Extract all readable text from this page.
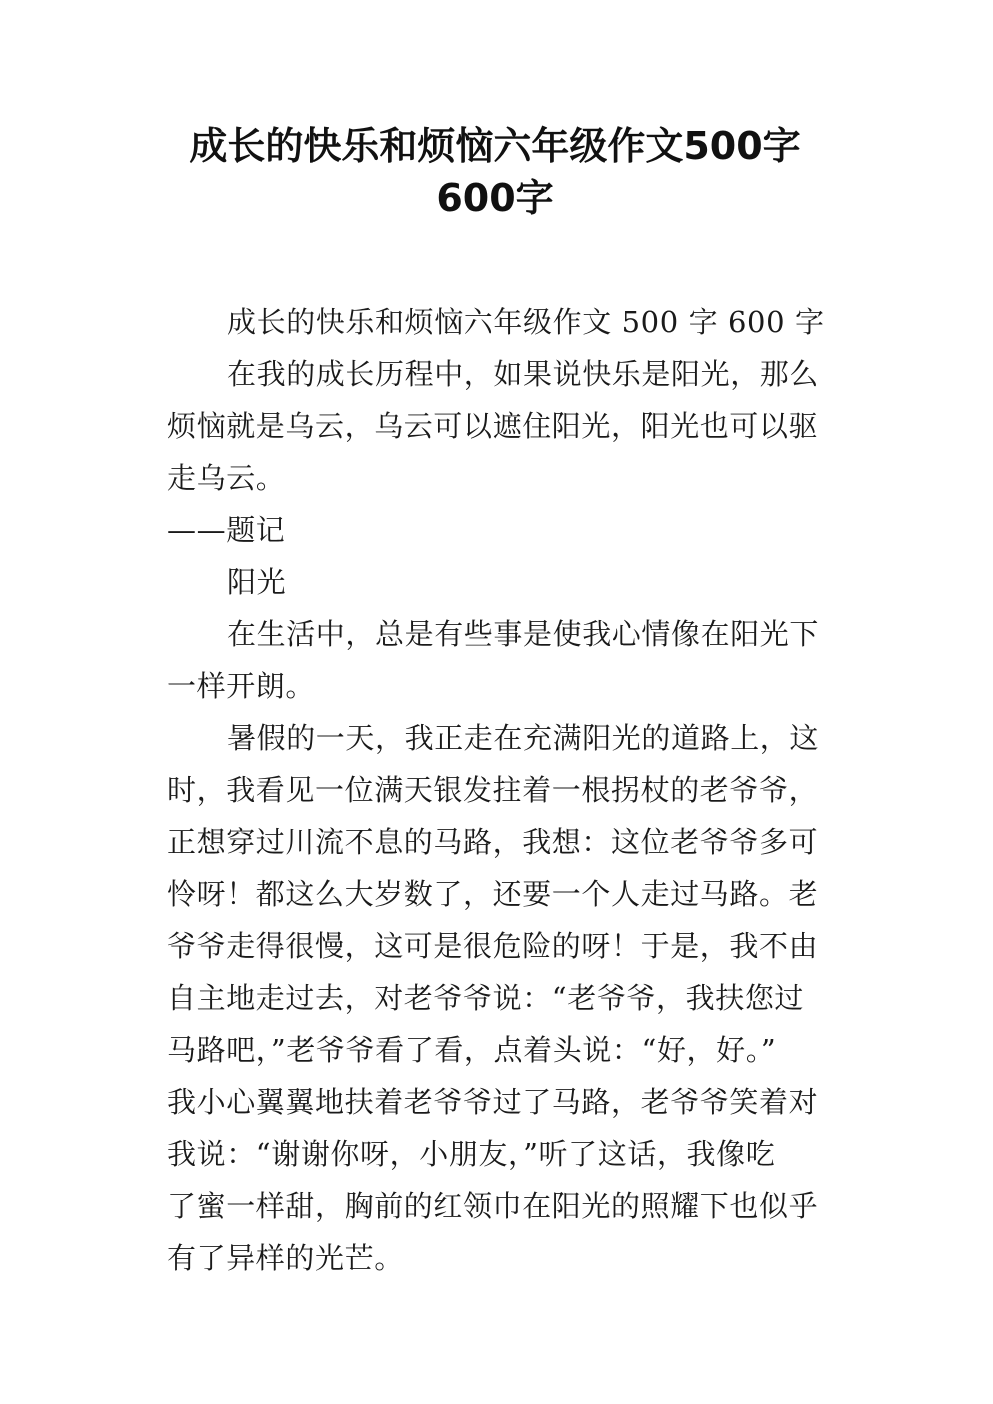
成长的快乐和烦恼六年级作文500字
600字

成长的快乐和烦恼六年级作文 500 字 600 字

在我的成长历程中，如果说快乐是阳光，那么
烦恼就是乌云，乌云可以遮住阳光，阳光也可以驱
走乌云。

——题记

阳光

在生活中，总是有些事是使我心情像在阳光下
一样开朗。

暑假的一天，我正走在充满阳光的道路上，这
时，我看见一位满天银发拄着一根拐杖的老爷爷，
正想穿过川流不息的马路，我想：这位老爷爷多可
怜呀！都这么大岁数了，还要一个人走过马路。老
爷爷走得很慢，这可是很危险的呀！于是，我不由
自主地走过去，对老爷爷说：“老爷爷，我扶您过
马路吧，”老爷爷看了看，点着头说：“好，好。”
我小心翼翼地扶着老爷爷过了马路，老爷爷笑着对
我说：“谢谢你呀，小朋友，”听了这话，我像吃
了蜜一样甜，胸前的红领巾在阳光的照耀下也似乎
有了异样的光芒。
